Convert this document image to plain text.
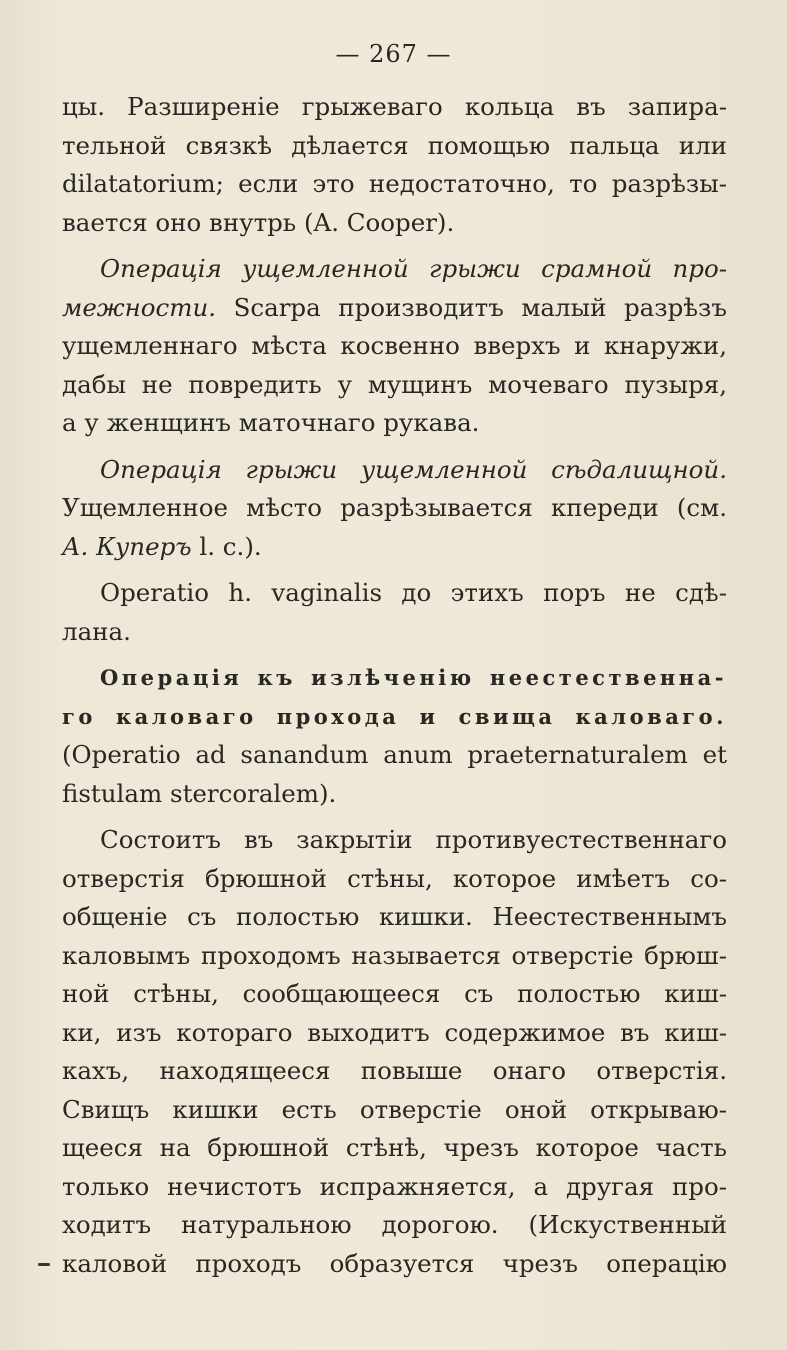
— 267 —
цы. Разширеніе грыжеваго кольца въ запира-
тельной связкѣ дѣлается помощью пальца или
dilatatorium; если это недостаточно, то разрѣзы-
вается оно внутрь (A. Cooper).
Операція ущемленной грыжи срамной про-
межности. Scarpa производитъ малый разрѣзъ
ущемленнаго мѣста косвенно вверхъ и кнаружи,
дабы не повредить у мущинъ мочеваго пузыря,
а у женщинъ маточнаго рукава.
Операція грыжи ущемленной сѣдалищной.
Ущемленное мѣсто разрѣзывается кпереди (см.
А. Куперъ l. c.).
Operatio h. vaginalis до этихъ поръ не сдѣ-
лана.
Операція къ излѣченію неестественна-
го каловаго прохода и свища каловаго.
(Operatio ad sanandum anum praeternaturalem et
fistulam stercoralem).
Состоитъ въ закрытіи противуестественнаго
отверстія брюшной стѣны, которое имѣетъ со-
общеніе съ полостью кишки. Неестественнымъ
каловымъ проходомъ называется отверстіе брюш-
ной стѣны, сообщающееся съ полостью киш-
ки, изъ котораго выходитъ содержимое въ киш-
кахъ, находящееся повыше онаго отверстія.
Свищъ кишки есть отверстіе оной открываю-
щееся на брюшной стѣнѣ, чрезъ которое часть
только нечистотъ испражняется, а другая про-
ходитъ натуральною дорогою. (Искуственный
каловой проходъ образуется чрезъ операцію
